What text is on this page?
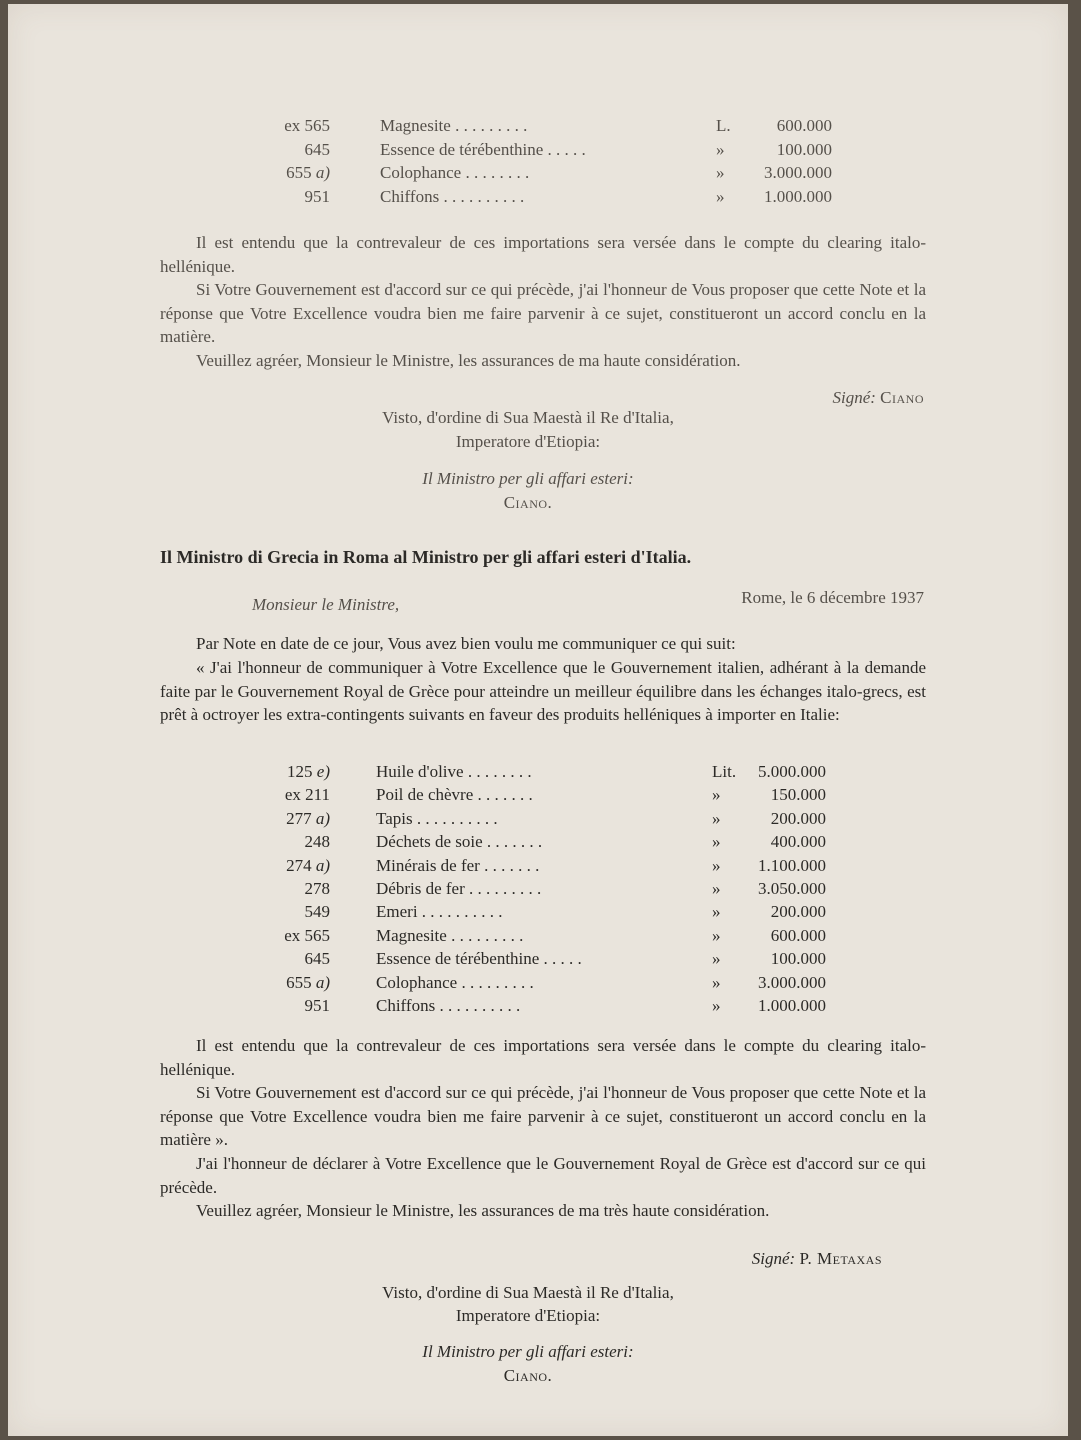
ex 565	Magnesite . . . . . . . . .	L.	600.000
645	Essence de térébenthine . . . . .	»	100.000
655 a)	Colophance . . . . . . . .	» 3.000.000
951	Chiffons . . . . . . . . . .	» 1.000.000
Il est entendu que la contrevaleur de ces importations sera versée dans le compte du clearing italo-hellénique.
Si Votre Gouvernement est d'accord sur ce qui précède, j'ai l'honneur de Vous proposer que cette Note et la réponse que Votre Excellence voudra bien me faire parvenir à ce sujet, constitueront un accord conclu en la matière.
Veuillez agréer, Monsieur le Ministre, les assurances de ma haute considération.
Signé: Ciano
Visto, d'ordine di Sua Maestà il Re d'Italia,
Imperatore d'Etiopia:
Il Ministro per gli affari esteri:
Ciano.
Il Ministro di Grecia in Roma al Ministro per gli affari esteri d'Italia.
Monsieur le Ministre,	Rome, le 6 décembre 1937
Par Note en date de ce jour, Vous avez bien voulu me communiquer ce qui suit:
« J'ai l'honneur de communiquer à Votre Excellence que le Gouvernement italien, adhérant à la demande faite par le Gouvernement Royal de Grèce pour atteindre un meilleur équilibre dans les échanges italo-grecs, est prêt à octroyer les extra-contingents suivants en faveur des produits helléniques à importer en Italie:
125 e)	Huile d'olive . . . . . . . .	Lit. 5.000.000
ex 211	Poil de chèvre . . . . . . .	»	150.000
277 a)	Tapis . . . . . . . . . .	»	200.000
248	Déchets de soie . . . . . . .	»	400.000
274 a)	Minérais de fer . . . . . . .	» 1.100.000
278	Débris de fer . . . . . . . . .	» 3.050.000
549	Emeri . . . . . . . . . .	»	200.000
ex 565	Magnesite . . . . . . . . .	»	600.000
645	Essence de térébenthine . . . . .	»	100.000
655 a)	Colophance . . . . . . . . .	» 3.000.000
951	Chiffons . . . . . . . . . .	» 1.000.000
Il est entendu que la contrevaleur de ces importations sera versée dans le compte du clearing italo-hellénique.
Si Votre Gouvernement est d'accord sur ce qui précède, j'ai l'honneur de Vous proposer que cette Note et la réponse que Votre Excellence voudra bien me faire parvenir à ce sujet, constitueront un accord conclu en la matière ».
J'ai l'honneur de déclarer à Votre Excellence que le Gouvernement Royal de Grèce est d'accord sur ce qui précède.
Veuillez agréer, Monsieur le Ministre, les assurances de ma très haute considération.
Signé: P. Metaxas
Visto, d'ordine di Sua Maestà il Re d'Italia,
Imperatore d'Etiopia:
Il Ministro per gli affari esteri:
Ciano.
